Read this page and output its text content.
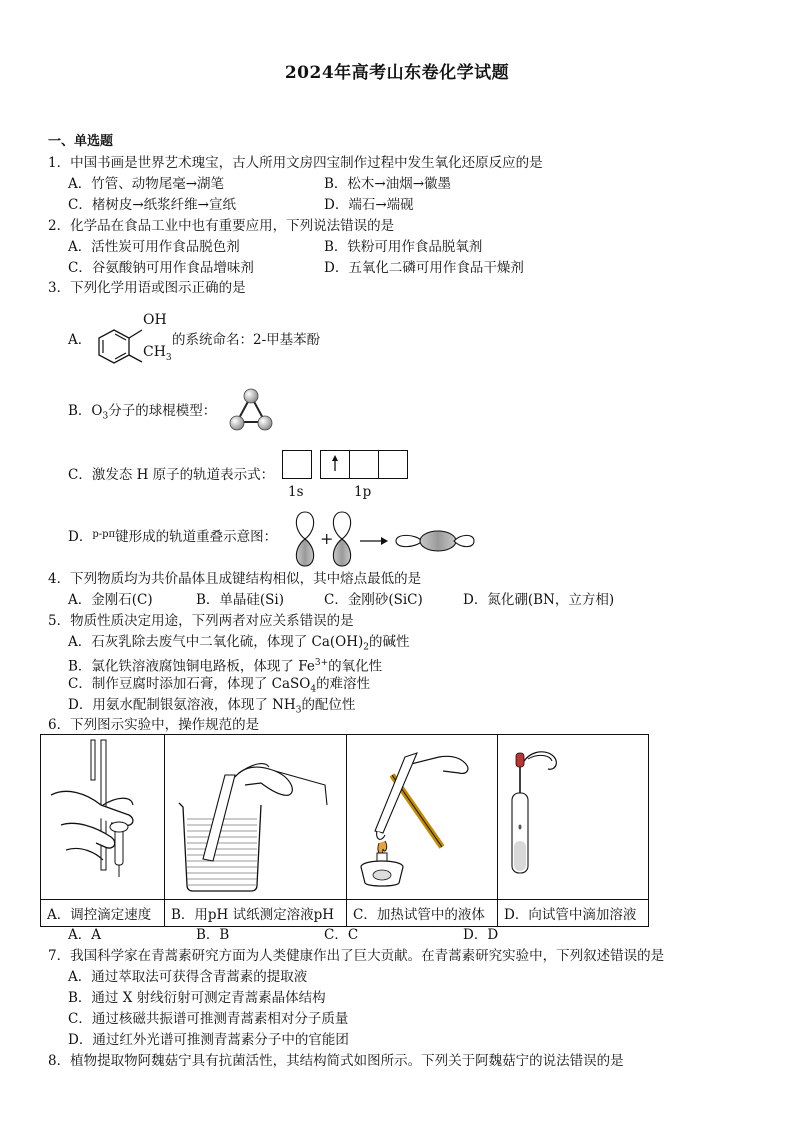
2024年高考山东卷化学试题
一、单选题
1．中国书画是世界艺术瑰宝，古人所用文房四宝制作过程中发生氧化还原反应的是
A．竹管、动物尾毫→湖笔	B．松木→油烟→徽墨
C．楮树皮→纸浆纤维→宣纸	D．端石→端砚
2．化学品在食品工业中也有重要应用，下列说法错误的是
A．活性炭可用作食品脱色剂	B．铁粉可用作食品脱氧剂
C．谷氨酸钠可用作食品增味剂	D．五氧化二磷可用作食品干燥剂
3．下列化学用语或图示正确的是
A．
OH
$CH_3$
的系统命名：2-甲基苯酚
B．$O_3$分子的球棍模型：
C．激发态 H 原子的轨道表示式：
1s	1p
D．$^{p-p\pi}$键形成的轨道重叠示意图：	+
4．下列物质均为共价晶体且成键结构相似，其中熔点最低的是
A．金刚石(C)	B．单晶硅(Si)	C．金刚砂(SiC)	D．氮化硼(BN，立方相)
5．物质性质决定用途，下列两者对应关系错误的是
A．石灰乳除去废气中二氧化硫，体现了 $Ca(OH)_2$的碱性
B．氯化铁溶液腐蚀铜电路板，体现了 $Fe^{3+}$的氧化性
C．制作豆腐时添加石膏，体现了 CaSO$_4$的难溶性
D．用氨水配制银氨溶液，体现了 $NH_3$的配位性
6．下列图示实验中，操作规范的是

A．调控滴定速度	B．用pH 试纸测定溶液pH	C．加热试管中的液体	D．向试管中滴加溶液
A．A	B．B	C．C	D．D
7．我国科学家在青蒿素研究方面为人类健康作出了巨大贡献。在青蒿素研究实验中，下列叙述错误的是
A．通过萃取法可获得含青蒿素的提取液
B．通过 X 射线衍射可测定青蒿素晶体结构
C．通过核磁共振谱可推测青蒿素相对分子质量
D．通过红外光谱可推测青蒿素分子中的官能团
8．植物提取物阿魏菇宁具有抗菌活性，其结构简式如图所示。下列关于阿魏菇宁的说法错误的是
